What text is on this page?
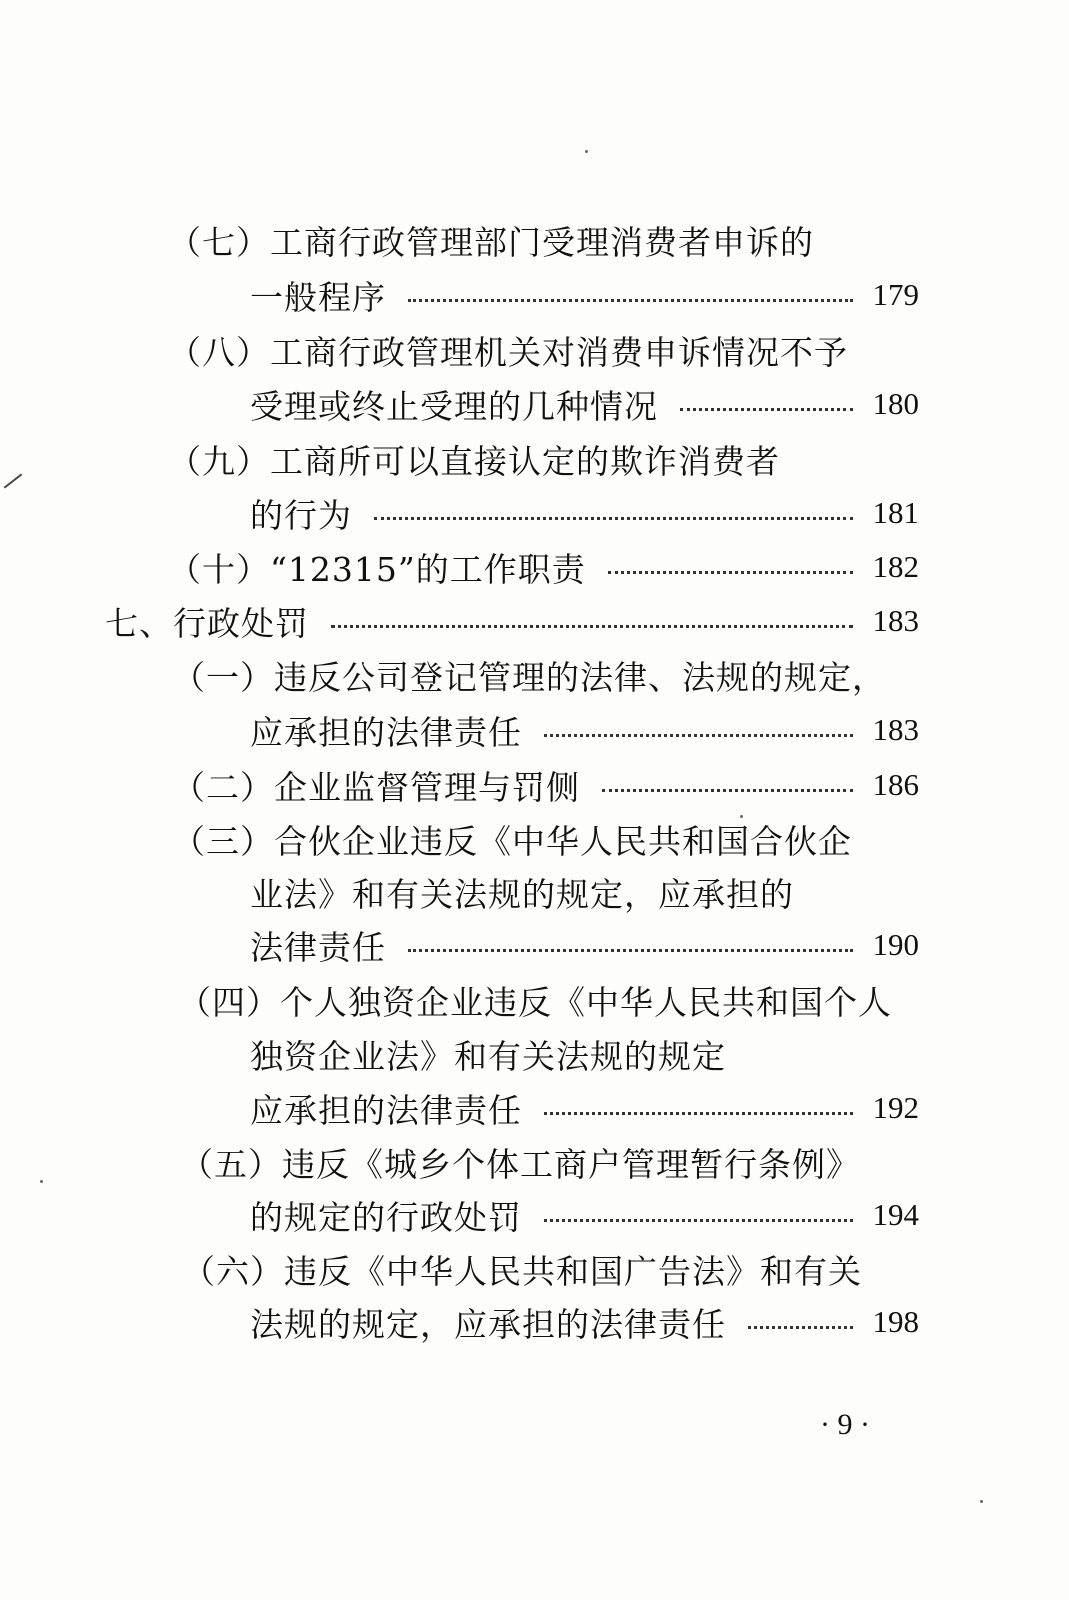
（七） 工商行政管理部门受理消费者申诉的
一般程序	179
（八） 工商行政管理机关对消费申诉情况不予
受理或终止受理的几种情况	180
（九） 工商所可以直接认定的欺诈消费者
的行为	181
（十） “12315”的工作职责	182
七、 行政处罚	183
（一） 违反公司登记管理的法律、法规的规定，
应承担的法律责任	183
（二） 企业监督管理与罚侧	186
（三） 合伙企业违反《中华人民共和国合伙企
业法》和有关法规的规定，应承担的
法律责任	190
（四） 个人独资企业违反《中华人民共和国个人
独资企业法》和有关法规的规定
应承担的法律责任	192
（五） 违反《城乡个体工商户管理暂行条例》
的规定的行政处罚	194
（六） 违反《中华人民共和国广告法》和有关
法规的规定，应承担的法律责任	198
· 9 ·
